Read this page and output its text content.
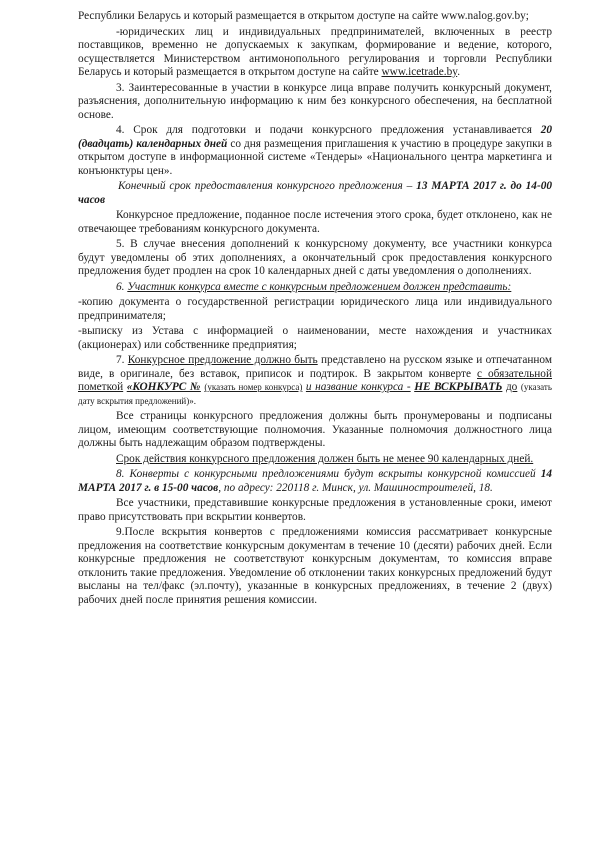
Республики Беларусь и который размещается в открытом доступе на сайте www.nalog.gov.by;

-юридических лиц и индивидуальных предпринимателей, включенных в реестр поставщиков, временно не допускаемых к закупкам, формирование и ведение, которого, осуществляется Министерством антимонопольного регулирования и торговли Республики Беларусь и который размещается в открытом доступе на сайте www.icetrade.by.

3. Заинтересованные в участии в конкурсе лица вправе получить конкурсный документ, разъяснения, дополнительную информацию к ним без конкурсного обеспечения, на бесплатной основе.

4. Срок для подготовки и подачи конкурсного предложения устанавливается 20 (двадцать) календарных дней со дня размещения приглашения к участию в процедуре закупки в открытом доступе в информационной системе «Тендеры» «Национального центра маркетинга и конъюнктуры цен».

Конечный срок предоставления конкурсного предложения – 13 МАРТА 2017 г. до 14-00 часов

Конкурсное предложение, поданное после истечения этого срока, будет отклонено, как не отвечающее требованиям конкурсного документа.

5. В случае внесения дополнений к конкурсному документу, все участники конкурса будут уведомлены об этих дополнениях, а окончательный срок предоставления конкурсного предложения будет продлен на срок 10 календарных дней с даты уведомления о дополнениях.

6. Участник конкурса вместе с конкурсным предложением должен представить:

-копию документа о государственной регистрации юридического лица или индивидуального предпринимателя;

-выписку из Устава с информацией о наименовании, месте нахождения и участниках (акционерах) или собственнике предприятия;

7. Конкурсное предложение должно быть представлено на русском языке и отпечатанном виде, в оригинале, без вставок, приписок и подтирок. В закрытом конверте с обязательной пометкой «КОНКУРС № (указать номер конкурса) и название конкурса - НЕ ВСКРЫВАТЬ до (указать дату вскрытия предложений)».

Все страницы конкурсного предложения должны быть пронумерованы и подписаны лицом, имеющим соответствующие полномочия. Указанные полномочия должностного лица должны быть надлежащим образом подтверждены.

Срок действия конкурсного предложения должен быть не менее 90 календарных дней.

8. Конверты с конкурсными предложениями будут вскрыты конкурсной комиссией 14 МАРТА 2017 г. в 15-00 часов, по адресу: 220118 г. Минск, ул. Машиностроителей, 18.

Все участники, представившие конкурсные предложения в установленные сроки, имеют право присутствовать при вскрытии конвертов.

9.После вскрытия конвертов с предложениями комиссия рассматривает конкурсные предложения на соответствие конкурсным документам в течение 10 (десяти) рабочих дней. Если конкурсные предложения не соответствуют конкурсным документам, то комиссия вправе отклонить такие предложения. Уведомление об отклонении таких конкурсных предложений будут высланы на тел/факс (эл.почту), указанные в конкурсных предложениях, в течение 2 (двух) рабочих дней после принятия решения комиссии.
